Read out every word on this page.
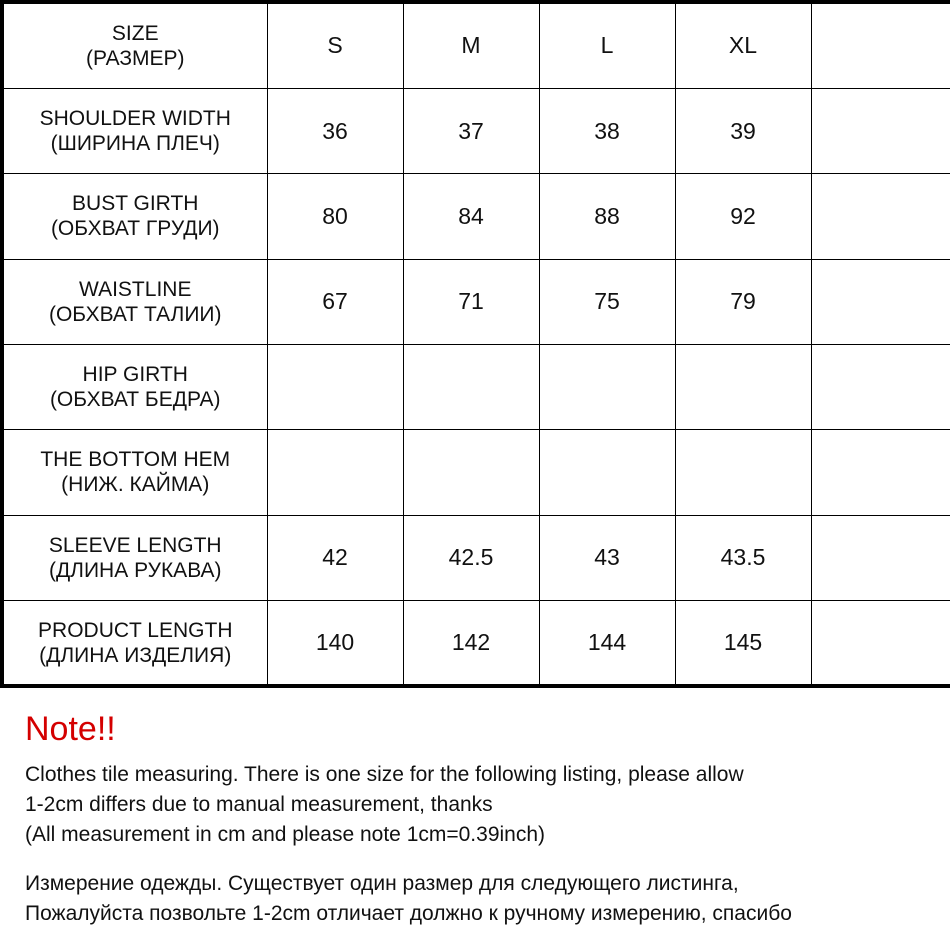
SIZE
(РАЗМЕР)	S	M	L	XL	

SHOULDER WIDTH
(ШИРИНА ПЛЕЧ)	36	37	38	39	

BUST GIRTH
(ОБХВАТ ГРУДИ)	80	84	88	92	

WAISTLINE
(ОБХВАТ ТАЛИИ)	67	71	75	79	

HIP GIRTH
(ОБХВАТ БЕДРА)					

THE BOTTOM HEM
(НИЖ. КАЙМА)					

SLEEVE LENGTH
(ДЛИНА РУКАВА)	42	42.5	43	43.5	

PRODUCT LENGTH
(ДЛИНА ИЗДЕЛИЯ)	140	142	144	145	
Note!!
Clothes tile measuring. There is one size for the following listing, please allow
1-2cm differs due to manual measurement, thanks
(All measurement in cm and please note 1cm=0.39inch)
Измерение одежды. Существует один размер для следующего листинга,
Пожалуйста позвольте 1-2cm отличает должно к ручному измерению, спасибо
